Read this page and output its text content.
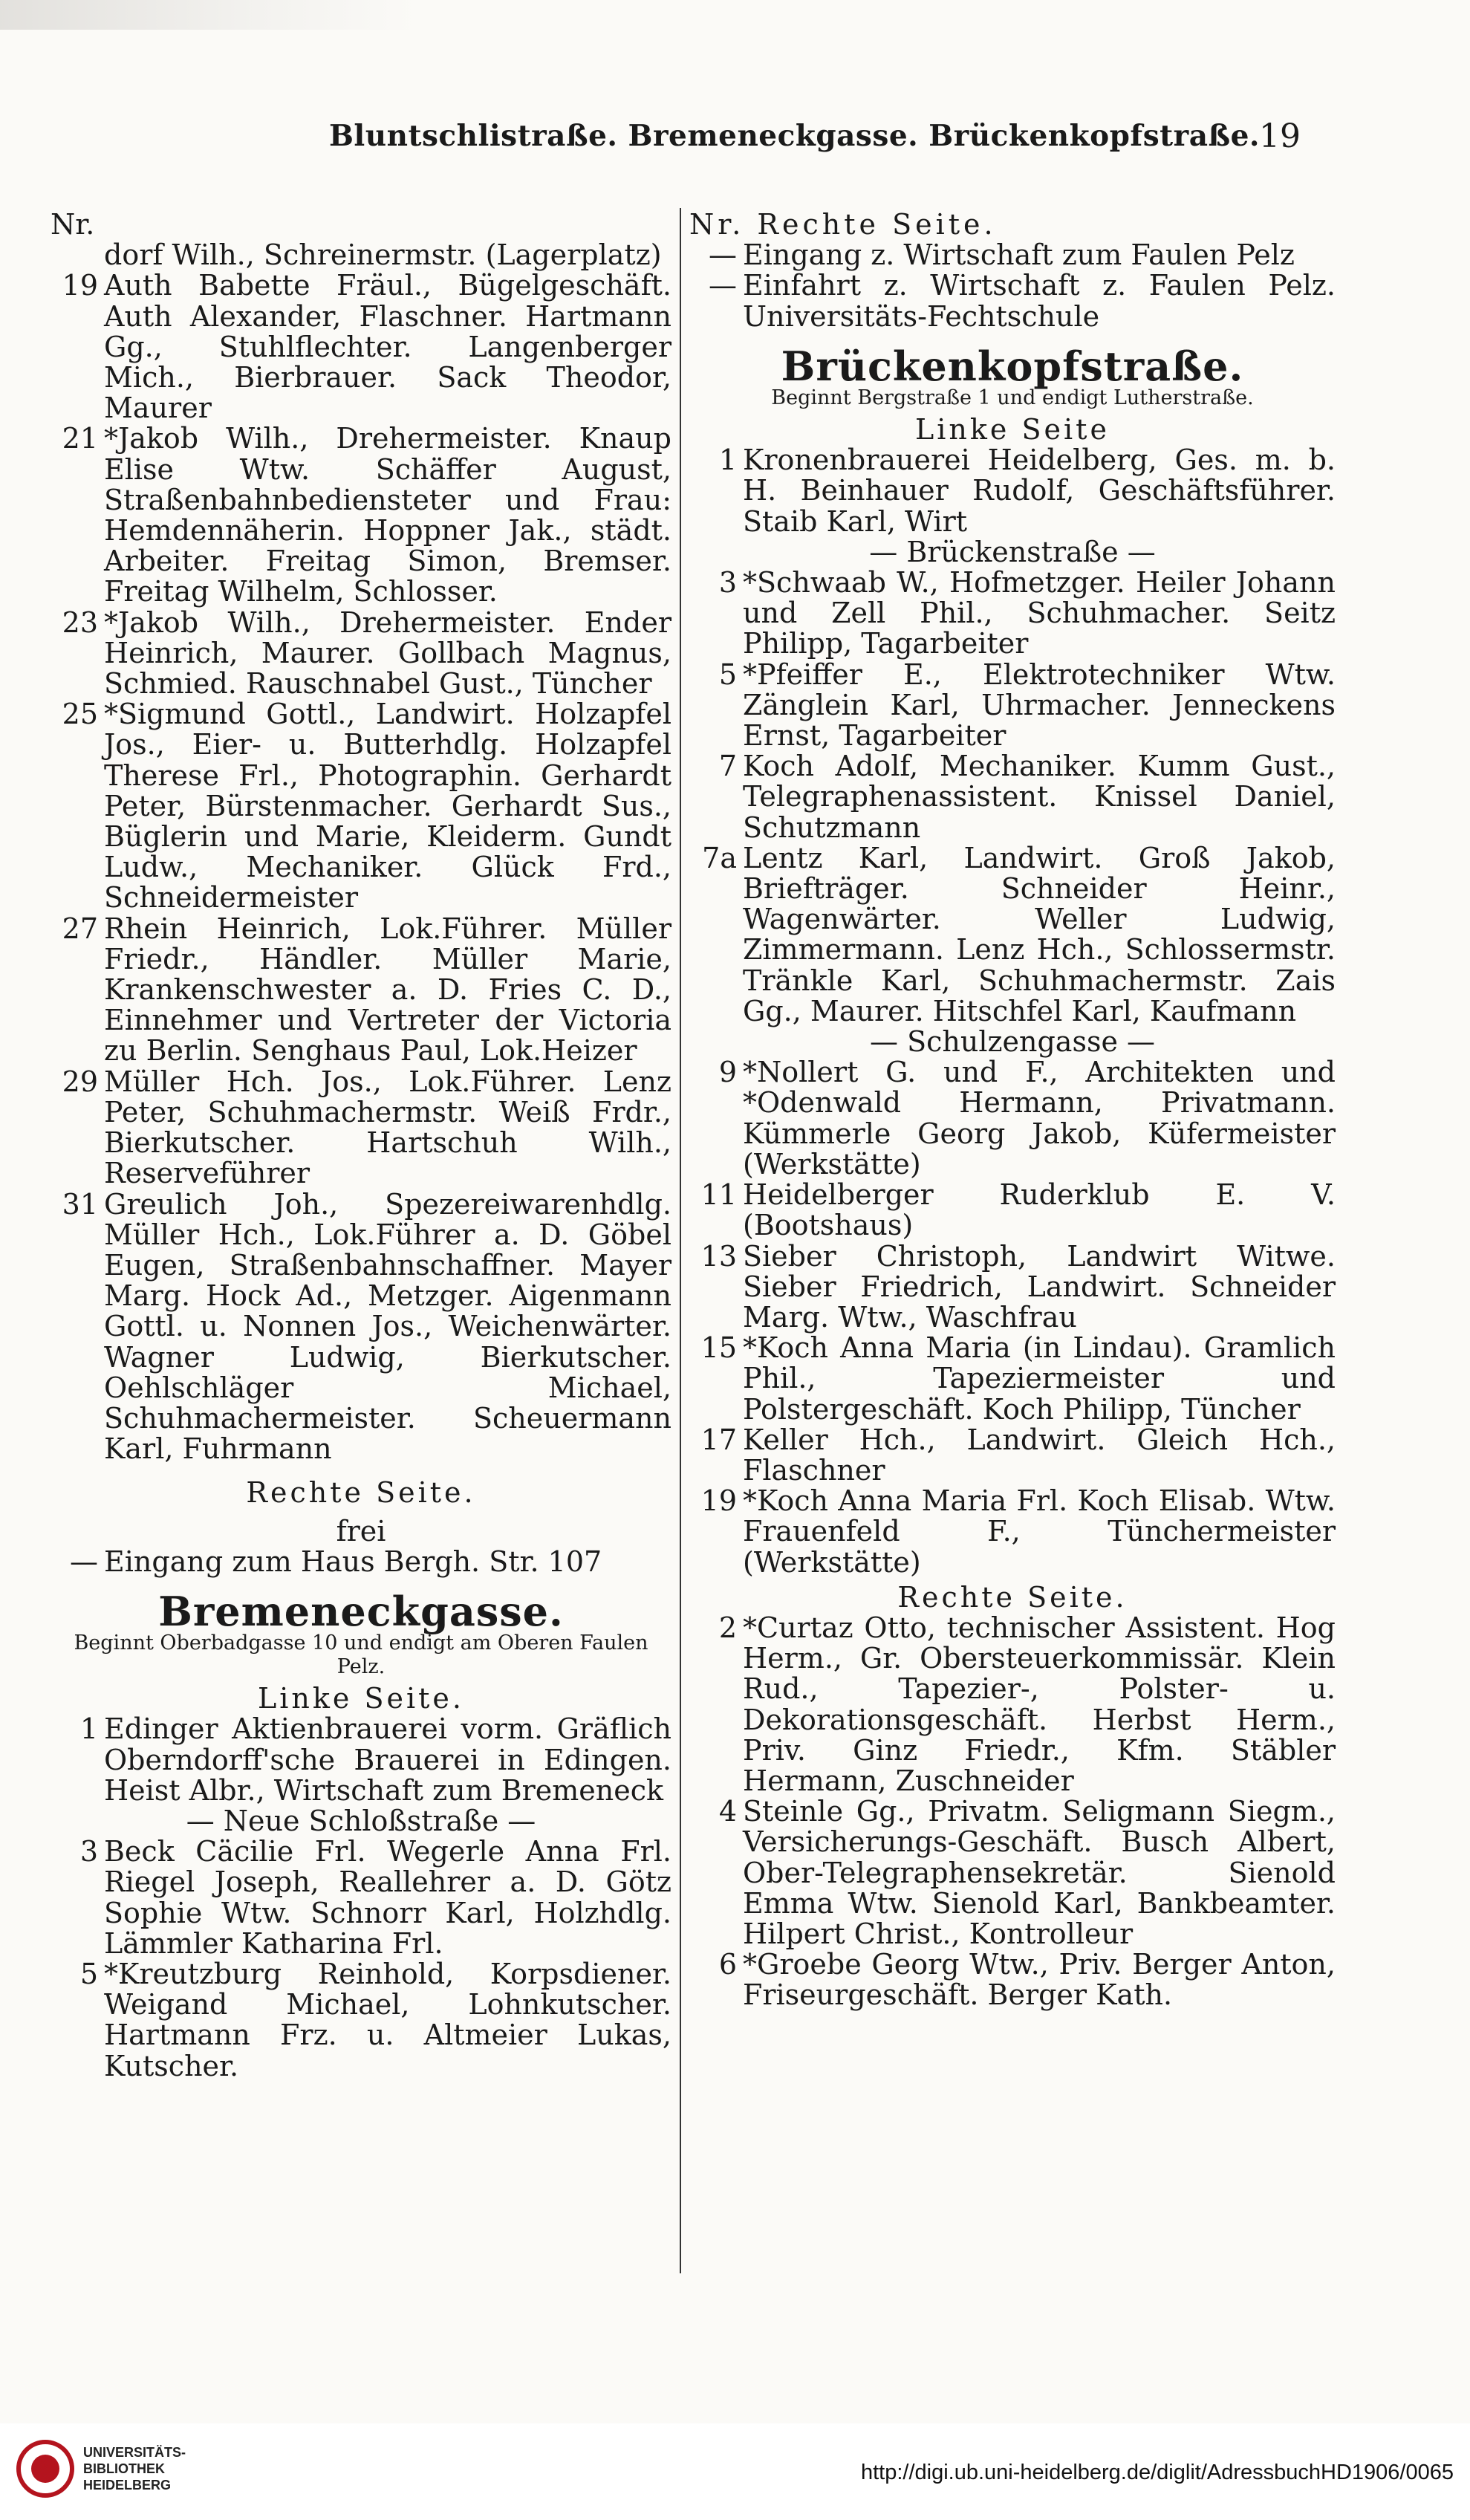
Bluntschlistraße. Bremeneckgasse. Brückenkopfstraße.
19
Nr.
dorf Wilh., Schreinermstr. (Lagerplatz)
19 Auth Babette Fräul., Bügelgeschäft. Auth Alexander, Flaschner. Hartmann Gg., Stuhlflechter. Langenberger Mich., Bierbrauer. Sack Theodor, Maurer
21 *Jakob Wilh., Drehermeister. Knaup Elise Wtw. Schäffer August, Straßenbahnbediensteter und Frau: Hemdennäherin. Hoppner Jak., städt. Arbeiter. Freitag Simon, Bremser. Freitag Wilhelm, Schlosser.
23 *Jakob Wilh., Drehermeister. Ender Heinrich, Maurer. Gollbach Magnus, Schmied. Rauschnabel Gust., Tüncher
25 *Sigmund Gottl., Landwirt. Holzapfel Jos., Eier- u. Butterhdlg. Holzapfel Therese Frl., Photographin. Gerhardt Peter, Bürstenmacher. Gerhardt Sus., Büglerin und Marie, Kleiderm. Gundt Ludw., Mechaniker. Glück Frd., Schneidermeister
27 Rhein Heinrich, Lok.Führer. Müller Friedr., Händler. Müller Marie, Krankenschwester a. D. Fries C. D., Einnehmer und Vertreter der Victoria zu Berlin. Senghaus Paul, Lok.Heizer
29 Müller Hch. Jos., Lok.Führer. Lenz Peter, Schuhmachermstr. Weiß Frdr., Bierkutscher. Hartschuh Wilh., Reserveführer
31 Greulich Joh., Spezereiwarenhdlg. Müller Hch., Lok.Führer a. D. Göbel Eugen, Straßenbahnschaffner. Mayer Marg. Hock Ad., Metzger. Aigenmann Gottl. u. Nonnen Jos., Weichenwärter. Wagner Ludwig, Bierkutscher. Oehlschläger Michael, Schuhmachermeister. Scheuermann Karl, Fuhrmann
Rechte Seite.
frei
— Eingang zum Haus Bergh. Str. 107
Bremeneckgasse.
Beginnt Oberbadgasse 10 und endigt am Oberen Faulen Pelz.
Linke Seite.
1 Edinger Aktienbrauerei vorm. Gräflich Oberndorff'sche Brauerei in Edingen. Heist Albr., Wirtschaft zum Bremeneck
— Neue Schloßstraße —
3 Beck Cäcilie Frl. Wegerle Anna Frl. Riegel Joseph, Reallehrer a. D. Götz Sophie Wtw. Schnorr Karl, Holzhdlg. Lämmler Katharina Frl.
5 *Kreutzburg Reinhold, Korpsdiener. Weigand Michael, Lohnkutscher. Hartmann Frz. u. Altmeier Lukas, Kutscher.
Nr. Rechte Seite.
— Eingang z. Wirtschaft zum Faulen Pelz
— Einfahrt z. Wirtschaft z. Faulen Pelz. Universitäts-Fechtschule
Brückenkopfstraße.
Beginnt Bergstraße 1 und endigt Lutherstraße.
Linke Seite
1 Kronenbrauerei Heidelberg, Ges. m. b. H. Beinhauer Rudolf, Geschäftsführer. Staib Karl, Wirt
— Brückenstraße —
3 *Schwaab W., Hofmetzger. Heiler Johann und Zell Phil., Schuhmacher. Seitz Philipp, Tagarbeiter
5 *Pfeiffer E., Elektrotechniker Wtw. Zänglein Karl, Uhrmacher. Jenneckens Ernst, Tagarbeiter
7 Koch Adolf, Mechaniker. Kumm Gust., Telegraphenassistent. Knissel Daniel, Schutzmann
7a Lentz Karl, Landwirt. Groß Jakob, Briefträger. Schneider Heinr., Wagenwärter. Weller Ludwig, Zimmermann. Lenz Hch., Schlossermstr. Tränkle Karl, Schuhmachermstr. Zais Gg., Maurer. Hitschfel Karl, Kaufmann
— Schulzengasse —
9 *Nollert G. und F., Architekten und *Odenwald Hermann, Privatmann. Kümmerle Georg Jakob, Küfermeister (Werkstätte)
11 Heidelberger Ruderklub E. V. (Bootshaus)
13 Sieber Christoph, Landwirt Witwe. Sieber Friedrich, Landwirt. Schneider Marg. Wtw., Waschfrau
15 *Koch Anna Maria (in Lindau). Gramlich Phil., Tapeziermeister und Polstergeschäft. Koch Philipp, Tüncher
17 Keller Hch., Landwirt. Gleich Hch., Flaschner
19 *Koch Anna Maria Frl. Koch Elisab. Wtw. Frauenfeld F., Tünchermeister (Werkstätte)
Rechte Seite.
2 *Curtaz Otto, technischer Assistent. Hog Herm., Gr. Obersteuerkommissär. Klein Rud., Tapezier-, Polster- u. Dekorationsgeschäft. Herbst Herm., Priv. Ginz Friedr., Kfm. Stäbler Hermann, Zuschneider
4 Steinle Gg., Privatm. Seligmann Siegm., Versicherungs-Geschäft. Busch Albert, Ober-Telegraphensekretär. Sienold Emma Wtw. Sienold Karl, Bankbeamter. Hilpert Christ., Kontrolleur
6 *Groebe Georg Wtw., Priv. Berger Anton, Friseurgeschäft. Berger Kath.
UNIVERSITÄTS-
BIBLIOTHEK
HEIDELBERG
http://digi.ub.uni-heidelberg.de/diglit/AdressbuchHD1906/0065
